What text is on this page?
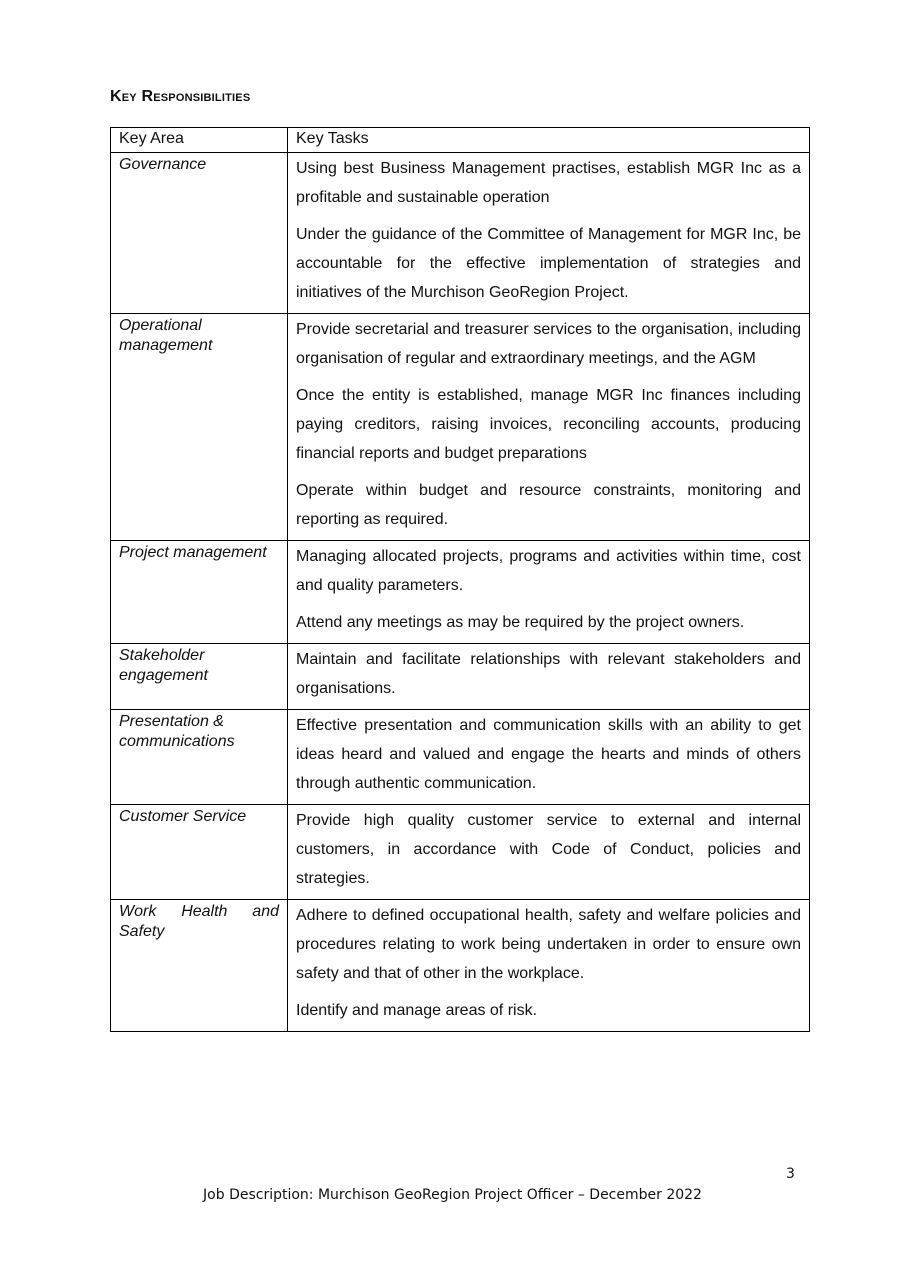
Key Responsibilities
Key Area	Key Tasks
Governance	Using best Business Management practises, establish MGR Inc as a profitable and sustainable operation

Under the guidance of the Committee of Management for MGR Inc, be accountable for the effective implementation of strategies and initiatives of the Murchison GeoRegion Project.

Operational management	Provide secretarial and treasurer services to the organisation, including organisation of regular and extraordinary meetings, and the AGM

Once the entity is established, manage MGR Inc finances including paying creditors, raising invoices, reconciling accounts, producing financial reports and budget preparations

Operate within budget and resource constraints, monitoring and reporting as required.

Project management	Managing allocated projects, programs and activities within time, cost and quality parameters.

Attend any meetings as may be required by the project owners.

Stakeholder engagement	Maintain and facilitate relationships with relevant stakeholders and organisations.

Presentation & communications	Effective presentation and communication skills with an ability to get ideas heard and valued and engage the hearts and minds of others through authentic communication.

Customer Service	Provide high quality customer service to external and internal customers, in accordance with Code of Conduct, policies and strategies.

Work Health and Safety	Adhere to defined occupational health, safety and welfare policies and procedures relating to work being undertaken in order to ensure own safety and that of other in the workplace.

Identify and manage areas of risk.

3
Job Description: Murchison GeoRegion Project Officer – December 2022
